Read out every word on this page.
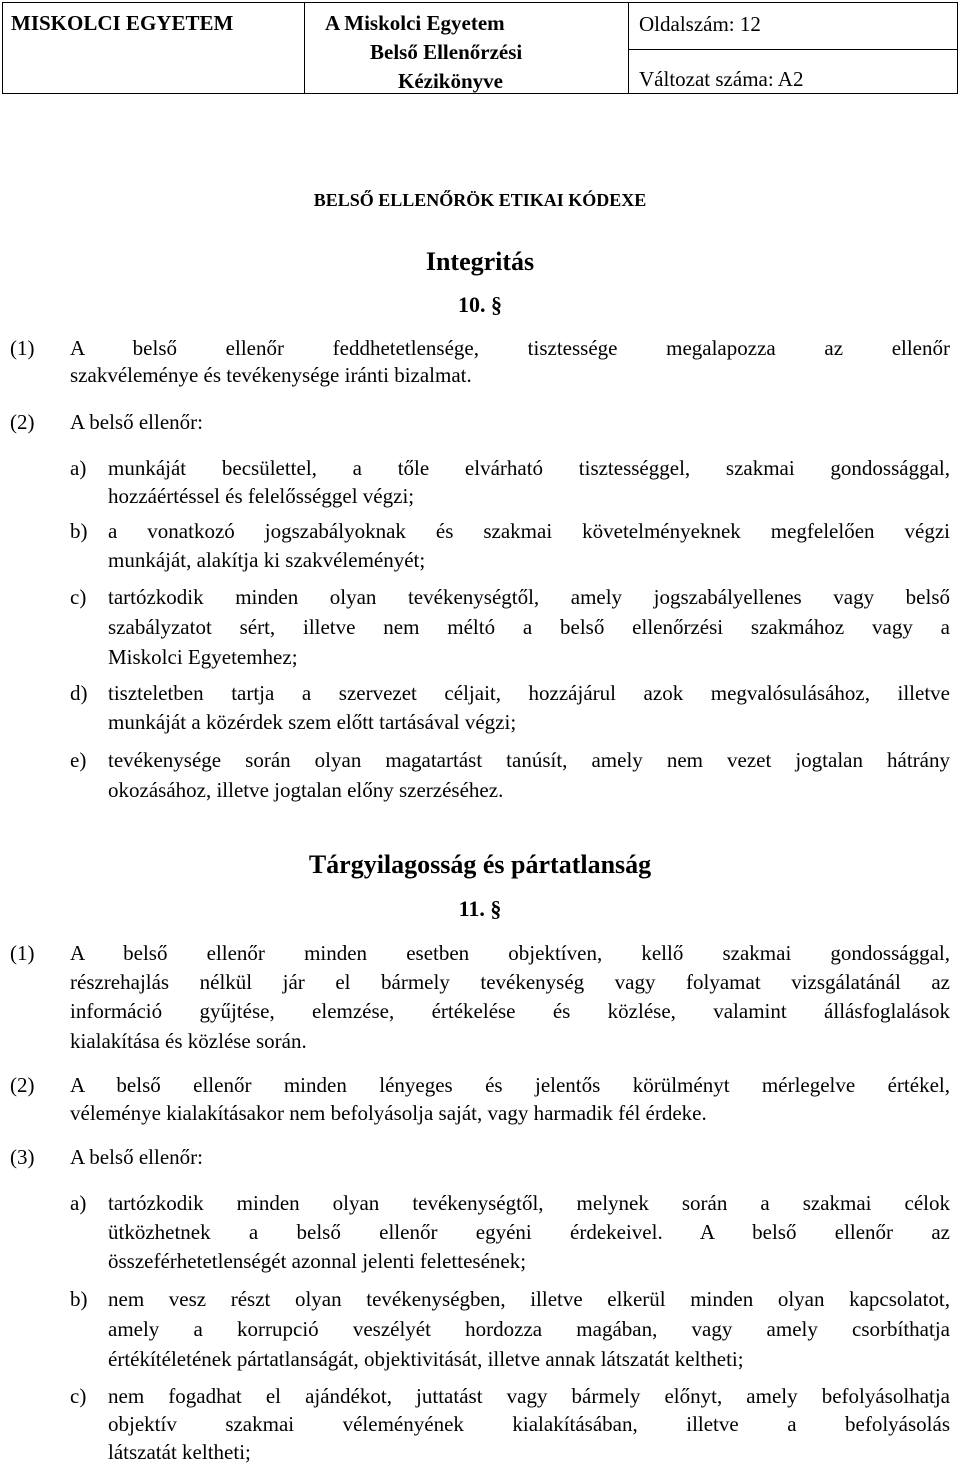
MISKOLCI EGYETEM	A Miskolci Egyetem
Belső Ellenőrzési
Kézikönyve
Oldalszám: 12
Változat száma: A2
BELSŐ ELLENŐRÖK ETIKAI KÓDEXE
Integritás
10. §
(1) A belső ellenőr feddhetetlensége, tisztessége megalapozza az ellenőr
szakvéleménye és tevékenysége iránti bizalmat.
(2) A belső ellenőr:
a) munkáját becsülettel, a tőle elvárható tisztességgel, szakmai gondossággal,
hozzáértéssel és felelősséggel végzi;
b) a vonatkozó jogszabályoknak és szakmai követelményeknek megfelelően végzi
munkáját, alakítja ki szakvéleményét;
c) tartózkodik minden olyan tevékenységtől, amely jogszabályellenes vagy belső
szabályzatot sért, illetve nem méltó a belső ellenőrzési szakmához vagy a
Miskolci Egyetemhez;
d) tiszteletben tartja a szervezet céljait, hozzájárul azok megvalósulásához, illetve
munkáját a közérdek szem előtt tartásával végzi;
e) tevékenysége során olyan magatartást tanúsít, amely nem vezet jogtalan hátrány
okozásához, illetve jogtalan előny szerzéséhez.
Tárgyilagosság és pártatlanság
11. §
(1) A belső ellenőr minden esetben objektíven, kellő szakmai gondossággal,
részrehajlás nélkül jár el bármely tevékenység vagy folyamat vizsgálatánál az
információ gyűjtése, elemzése, értékelése és közlése, valamint állásfoglalások
kialakítása és közlése során.
(2) A belső ellenőr minden lényeges és jelentős körülményt mérlegelve értékel,
véleménye kialakításakor nem befolyásolja saját, vagy harmadik fél érdeke.
(3) A belső ellenőr:
a) tartózkodik minden olyan tevékenységtől, melynek során a szakmai célok
ütközhetnek a belső ellenőr egyéni érdekeivel. A belső ellenőr az
összeférhetetlenségét azonnal jelenti felettesének;
b) nem vesz részt olyan tevékenységben, illetve elkerül minden olyan kapcsolatot,
amely a korrupció veszélyét hordozza magában, vagy amely csorbíthatja
értékítéletének pártatlanságát, objektivitását, illetve annak látszatát keltheti;
c) nem fogadhat el ajándékot, juttatást vagy bármely előnyt, amely befolyásolhatja
objektív szakmai véleményének kialakításában, illetve a befolyásolás
látszatát keltheti;
